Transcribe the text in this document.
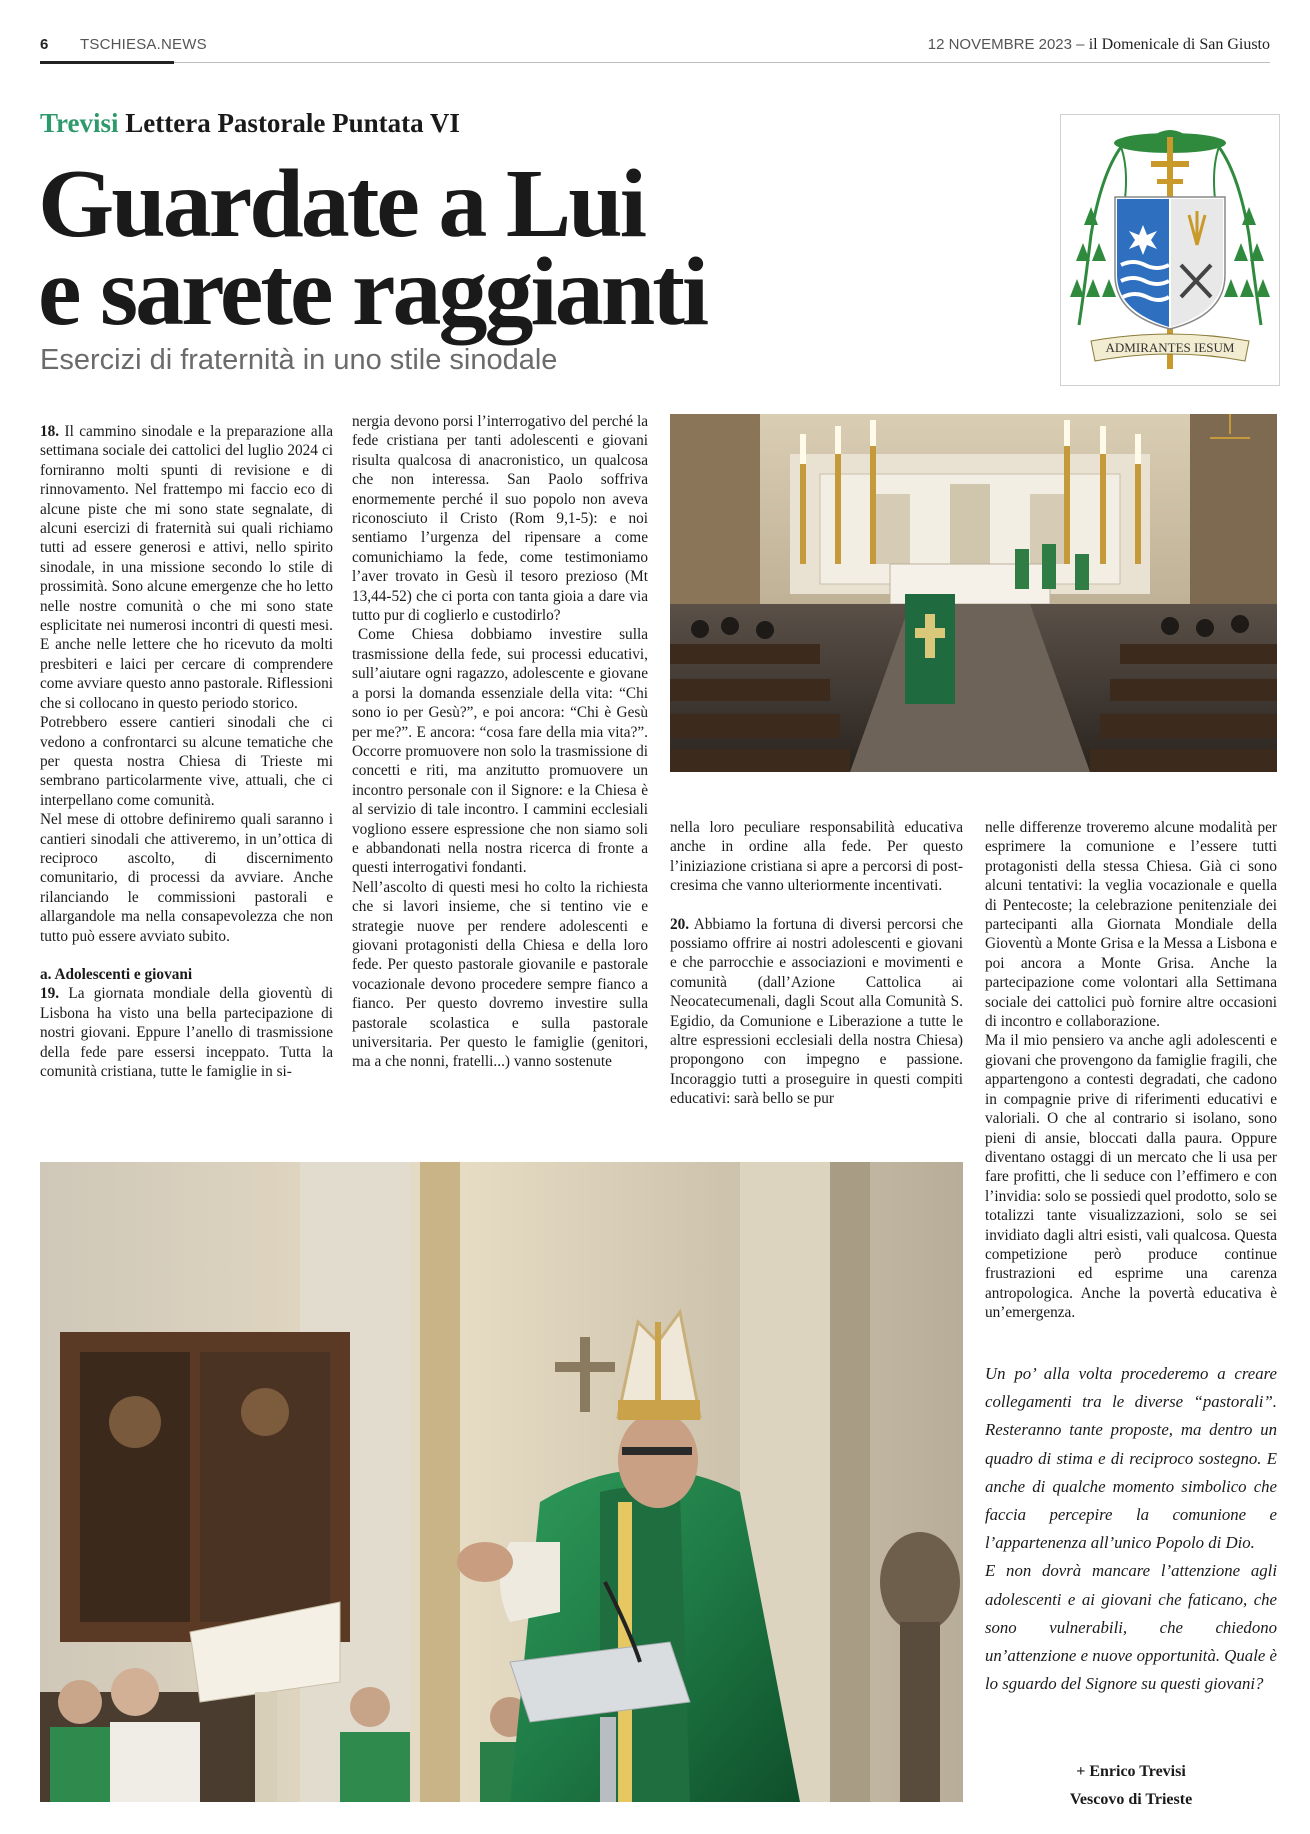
6 TSCHIESA.NEWS	12 NOVEMBRE 2023 – il Domenicale di San Giusto
Trevisi Lettera Pastorale Puntata VI
Guardate a Lui
e sarete raggianti
Esercizi di fraternità in uno stile sinodale	ADMIRANTES IESUM

18. Il cammino sinodale e la preparazione alla settimana sociale dei cattolici del luglio 2024 ci forniranno molti spunti di revisione e di rinnovamento. Nel frattempo mi faccio eco di alcune piste che mi sono state segnalate, di alcuni esercizi di fraternità sui quali richiamo tutti ad essere generosi e attivi, nello spirito sinodale, in una missione secondo lo stile di prossimità. Sono alcune emergenze che ho letto nelle nostre comunità o che mi sono state esplicitate nei numerosi incontri di questi mesi. E anche nelle lettere che ho ricevuto da molti presbiteri e laici per cercare di comprendere come avviare questo anno pastorale. Riflessioni che si collocano in questo periodo storico.

Potrebbero essere cantieri sinodali che ci vedono a confrontarci su alcune tematiche che per questa nostra Chiesa di Trieste mi sembrano particolarmente vive, attuali, che ci interpellano come comunità.

Nel mese di ottobre definiremo quali saranno i cantieri sinodali che attiveremo, in un’ottica di reciproco ascolto, di discernimento comunitario, di processi da avviare. Anche rilanciando le commissioni pastorali e allargandole ma nella consapevolezza che non tutto può essere avviato subito.

a. Adolescenti e giovani

19. La giornata mondiale della gioventù di Lisbona ha visto una bella partecipazione di nostri giovani. Eppure l’anello di trasmissione della fede pare essersi inceppato. Tutta la comunità cristiana, tutte le famiglie in si-

nergia devono porsi l’interrogativo del perché la fede cristiana per tanti adolescenti e giovani risulta qualcosa di anacronistico, un qualcosa che non interessa. San Paolo soffriva enormemente perché il suo popolo non aveva riconosciuto il Cristo (Rom 9,1-5): e noi sentiamo l’urgenza del ripensare a come comunichiamo la fede, come testimoniamo l’aver trovato in Gesù il tesoro prezioso (Mt 13,44-52) che ci porta con tanta gioia a dare via tutto pur di coglierlo e custodirlo?

Come Chiesa dobbiamo investire sulla trasmissione della fede, sui processi educativi, sull’aiutare ogni ragazzo, adolescente e giovane a porsi la domanda essenziale della vita: “Chi sono io per Gesù?”, e poi ancora: “Chi è Gesù per me?”. E ancora: “cosa fare della mia vita?”. Occorre promuovere non solo la trasmissione di concetti e riti, ma anzitutto promuovere un incontro personale con il Signore: e la Chiesa è al servizio di tale incontro. I cammini ecclesiali vogliono essere espressione che non siamo soli e abbandonati nella nostra ricerca di fronte a questi interrogativi fondanti.

Nell’ascolto di questi mesi ho colto la richiesta che si lavori insieme, che si tentino vie e strategie nuove per rendere adolescenti e giovani protagonisti della Chiesa e della loro fede. Per questo pastorale giovanile e pastorale vocazionale devono procedere sempre fianco a fianco. Per questo dovremo investire sulla pastorale scolastica e sulla pastorale universitaria. Per questo le famiglie (genitori, ma a che nonni, fratelli...) vanno sostenute

nella loro peculiare responsabilità educativa anche in ordine alla fede. Per questo l’iniziazione cristiana si apre a percorsi di post-cresima che vanno ulteriormente incentivati.

20. Abbiamo la fortuna di diversi percorsi che possiamo offrire ai nostri adolescenti e giovani e che parrocchie e associazioni e movimenti e comunità (dall’Azione Cattolica ai Neocatecumenali, dagli Scout alla Comunità S. Egidio, da Comunione e Liberazione a tutte le altre espressioni ecclesiali della nostra Chiesa) propongono con impegno e passione. Incoraggio tutti a proseguire in questi compiti educativi: sarà bello se pur

nelle differenze troveremo alcune modalità per esprimere la comunione e l’essere tutti protagonisti della stessa Chiesa. Già ci sono alcuni tentativi: la veglia vocazionale e quella di Pentecoste; la celebrazione penitenziale dei partecipanti alla Giornata Mondiale della Gioventù a Monte Grisa e la Messa a Lisbona e poi ancora a Monte Grisa. Anche la partecipazione come volontari alla Settimana sociale dei cattolici può fornire altre occasioni di incontro e collaborazione.

Ma il mio pensiero va anche agli adolescenti e giovani che provengono da famiglie fragili, che appartengono a contesti degradati, che cadono in compagnie prive di riferimenti educativi e valoriali. O che al contrario si isolano, sono pieni di ansie, bloccati dalla paura. Oppure diventano ostaggi di un mercato che li usa per fare profitti, che li seduce con l’effimero e con l’invidia: solo se possiedi quel prodotto, solo se totalizzi tante visualizzazioni, solo se sei invidiato dagli altri esisti, vali qualcosa. Questa competizione però produce continue frustrazioni ed esprime una carenza antropologica. Anche la povertà educativa è un’emergenza.

Un po’ alla volta procederemo a creare collegamenti tra le diverse “pastorali”. Resteranno tante proposte, ma dentro un quadro di stima e di reciproco sostegno. E anche di qualche momento simbolico che faccia percepire la comunione e l’appartenenza all’unico Popolo di Dio.

E non dovrà mancare l’attenzione agli adolescenti e ai giovani che faticano, che sono vulnerabili, che chiedono un’attenzione e nuove opportunità. Quale è lo sguardo del Signore su questi giovani?

+ Enrico Trevisi
Vescovo di Trieste
